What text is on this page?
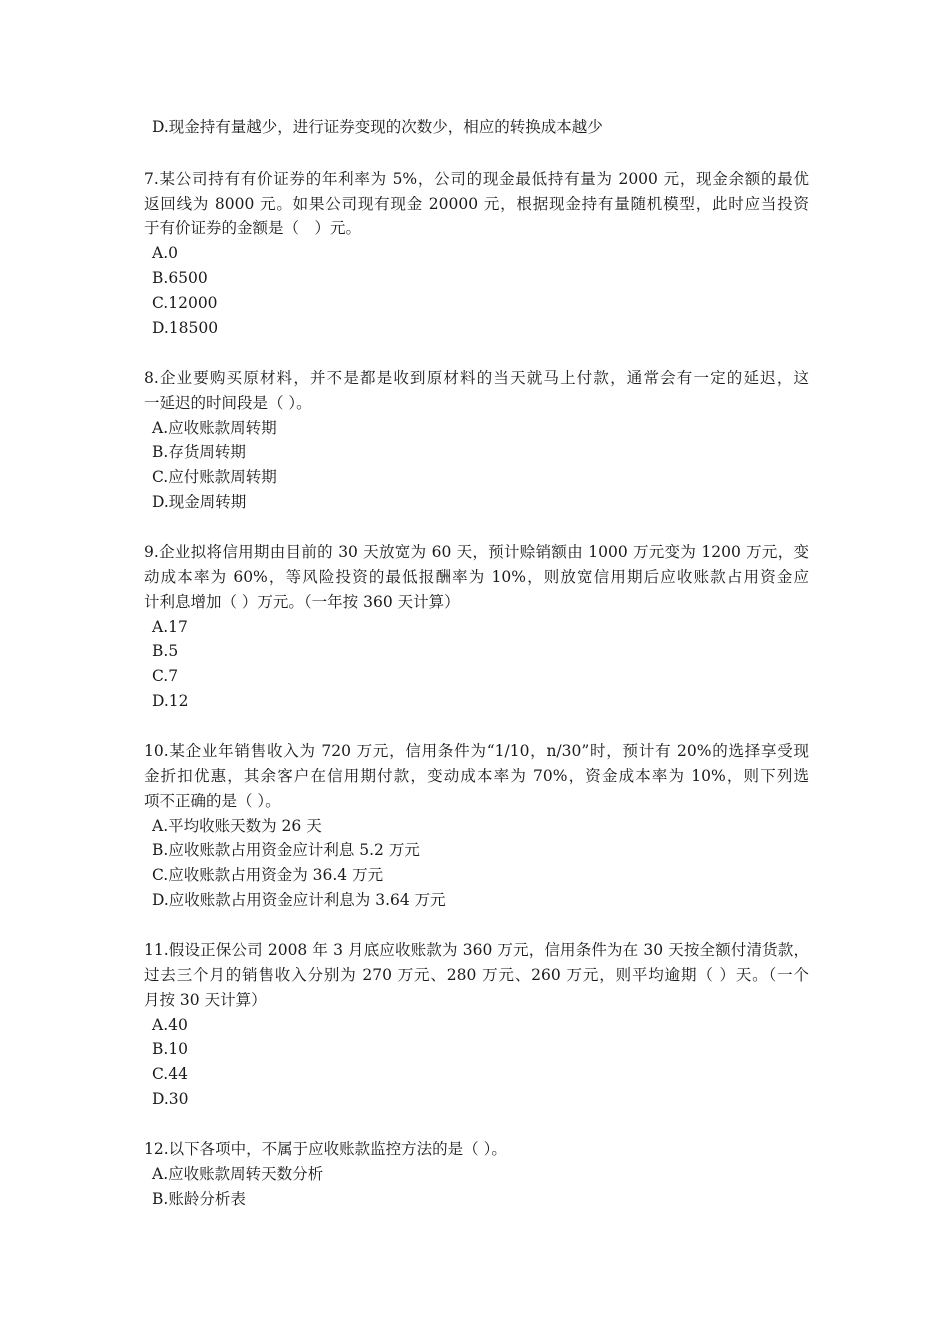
D.现金持有量越少，进行证券变现的次数少，相应的转换成本越少
7.某公司持有有价证券的年利率为 5%，公司的现金最低持有量为 2000 元，现金余额的最优
返回线为 8000 元。如果公司现有现金 20000 元，根据现金持有量随机模型，此时应当投资
于有价证券的金额是（　）元。
A.0
B.6500
C.12000
D.18500
8.企业要购买原材料，并不是都是收到原材料的当天就马上付款，通常会有一定的延迟，这
一延迟的时间段是（ ）。
A.应收账款周转期
B.存货周转期
C.应付账款周转期
D.现金周转期
9.企业拟将信用期由目前的 30 天放宽为 60 天，预计赊销额由 1000 万元变为 1200 万元，变
动成本率为 60%，等风险投资的最低报酬率为 10%，则放宽信用期后应收账款占用资金应
计利息增加（ ）万元。（一年按 360 天计算）
A.17
B.5
C.7
D.12
10.某企业年销售收入为 720 万元，信用条件为“1/10，n/30”时，预计有 20%的选择享受现
金折扣优惠，其余客户在信用期付款，变动成本率为 70%，资金成本率为 10%，则下列选
项不正确的是（ ）。
A.平均收账天数为 26 天
B.应收账款占用资金应计利息 5.2 万元
C.应收账款占用资金为 36.4 万元
D.应收账款占用资金应计利息为 3.64 万元
11.假设正保公司 2008 年 3 月底应收账款为 360 万元，信用条件为在 30 天按全额付清货款，
过去三个月的销售收入分别为 270 万元、280 万元、260 万元，则平均逾期（ ）天。（一个
月按 30 天计算）
A.40
B.10
C.44
D.30
12.以下各项中，不属于应收账款监控方法的是（ ）。
A.应收账款周转天数分析
B.账龄分析表
